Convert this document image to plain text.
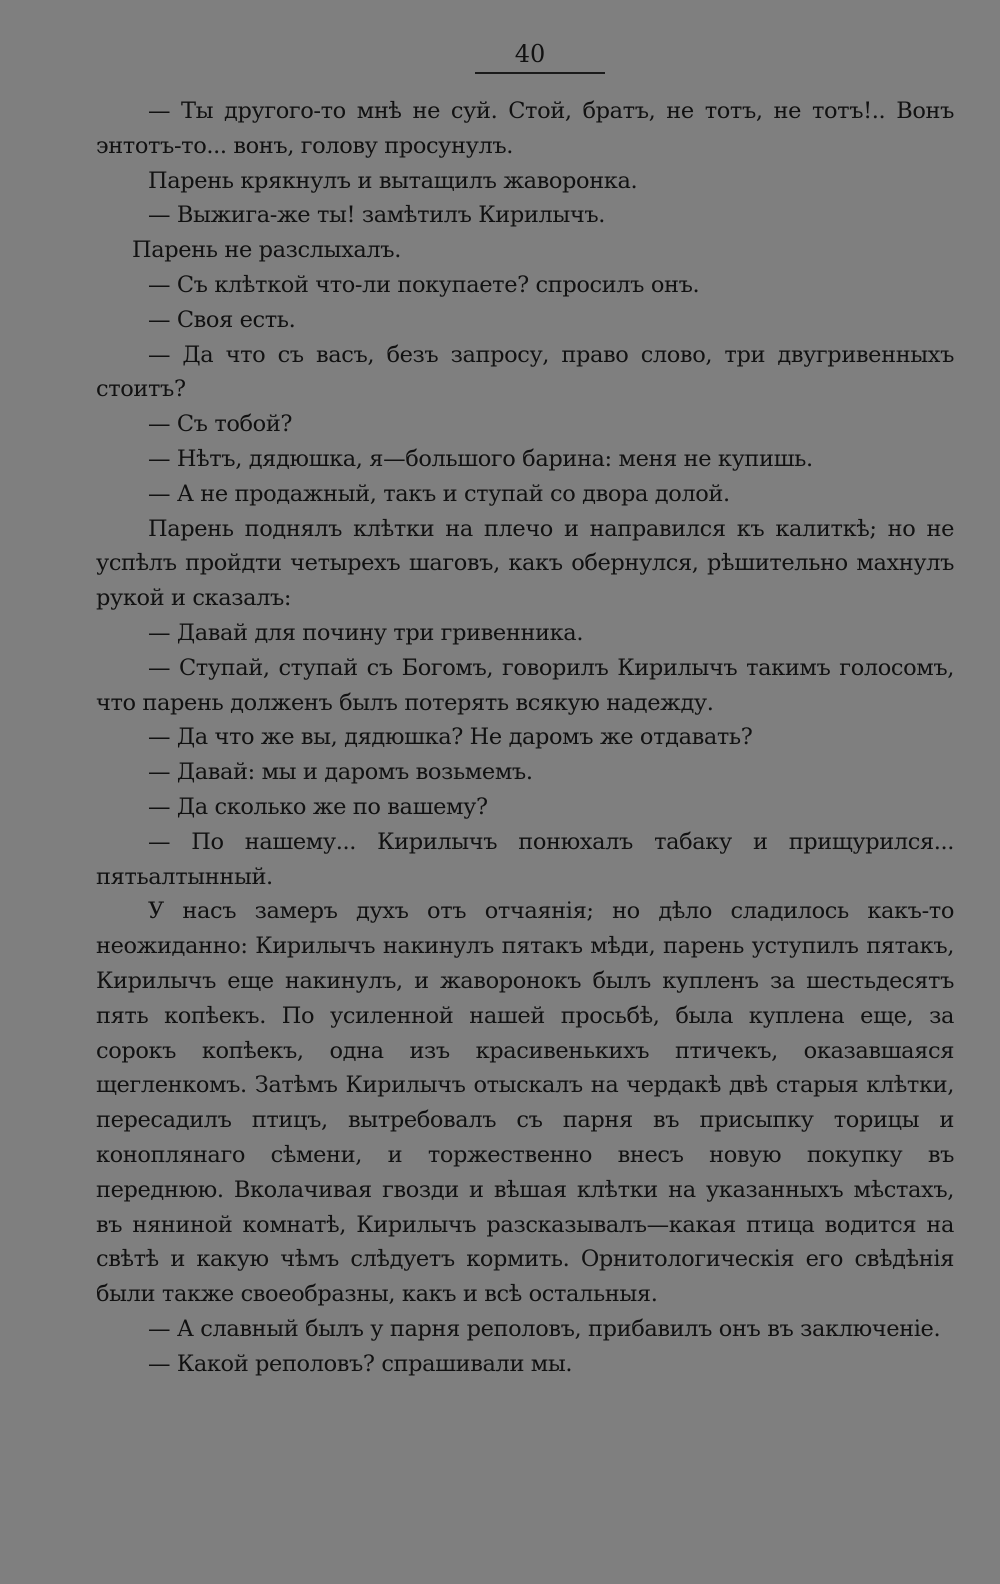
40

— Ты другого-то мнѣ не суй. Стой, братъ, не тотъ, не тотъ!.. Вонъ энтотъ-то... вонъ, голову просунулъ.

Парень крякнулъ и вытащилъ жаворонка.

— Выжига-же ты! замѣтилъ Кирилычъ.

Парень не разслыхалъ.

— Съ клѣткой что-ли покупаете? спросилъ онъ.

— Своя есть.

— Да что съ васъ, безъ запросу, право слово, три двугривенныхъ стоитъ?

— Съ тобой?

— Нѣтъ, дядюшка, я—большого барина: меня не купишь.

— А не продажный, такъ и ступай со двора долой.

Парень поднялъ клѣтки на плечо и направился къ калиткѣ; но не успѣлъ пройдти четырехъ шаговъ, какъ обернулся, рѣшительно махнулъ рукой и сказалъ:

— Давай для почину три гривенника.

— Ступай, ступай съ Богомъ, говорилъ Кирилычъ такимъ голосомъ, что парень долженъ былъ потерять всякую надежду.

— Да что же вы, дядюшка? Не даромъ же отдавать?

— Давай: мы и даромъ возьмемъ.

— Да сколько же по вашему?

— По нашему... Кирилычъ понюхалъ табаку и прищурился... пятьалтынный.

У насъ замеръ духъ отъ отчаянія; но дѣло сладилось какъ-то неожиданно: Кирилычъ накинулъ пятакъ мѣди, парень уступилъ пятакъ, Кирилычъ еще накинулъ, и жаворонокъ былъ купленъ за шестьдесятъ пять копѣекъ. По усиленной нашей просьбѣ, была куплена еще, за сорокъ копѣекъ, одна изъ красивенькихъ птичекъ, оказавшаяся щегленкомъ. Затѣмъ Кирилычъ отыскалъ на чердакѣ двѣ старыя клѣтки, пересадилъ птицъ, вытребовалъ съ парня въ присыпку торицы и коноплянаго сѣмени, и торжественно внесъ новую покупку въ переднюю. Вколачивая гвозди и вѣшая клѣтки на указанныхъ мѣстахъ, въ няниной комнатѣ, Кирилычъ разсказывалъ—какая птица водится на свѣтѣ и какую чѣмъ слѣдуетъ кормить. Орнитологическія его свѣдѣнія были также своеобразны, какъ и всѣ остальныя.

— А славный былъ у парня реполовъ, прибавилъ онъ въ заключеніе.

— Какой реполовъ? спрашивали мы.
